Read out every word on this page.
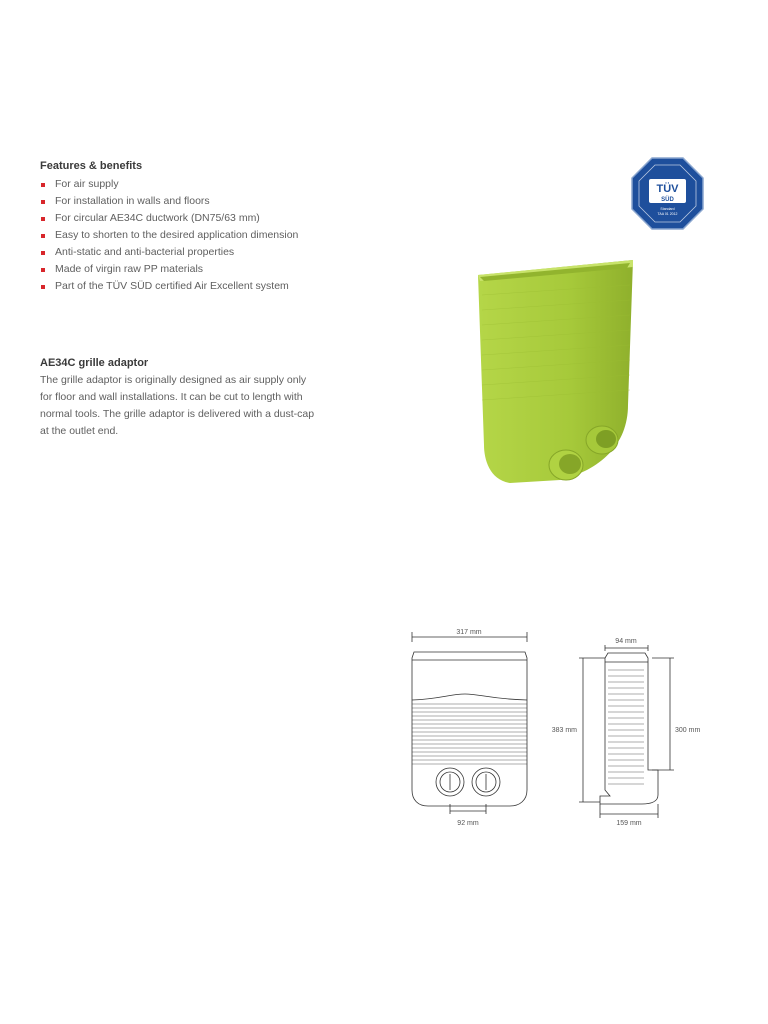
Features & benefits
For air supply
For installation in walls and floors
For circular AE34C ductwork (DN75/63 mm)
Easy to shorten to the desired application dimension
Anti-static and anti-bacterial properties
Made of virgin raw PP materials
Part of the TÜV SÜD certified Air Excellent system
AE34C grille adaptor

The grille adaptor is originally designed as air supply only
for floor and wall installations. It can be cut to length with
normal tools. The grille adaptor is delivered with a dust-cap
at the outlet end.

TÜV
SÜD
Standard
TAA 01 2012
317 mm
92 mm
94 mm
383 mm	300 mm
159 mm
